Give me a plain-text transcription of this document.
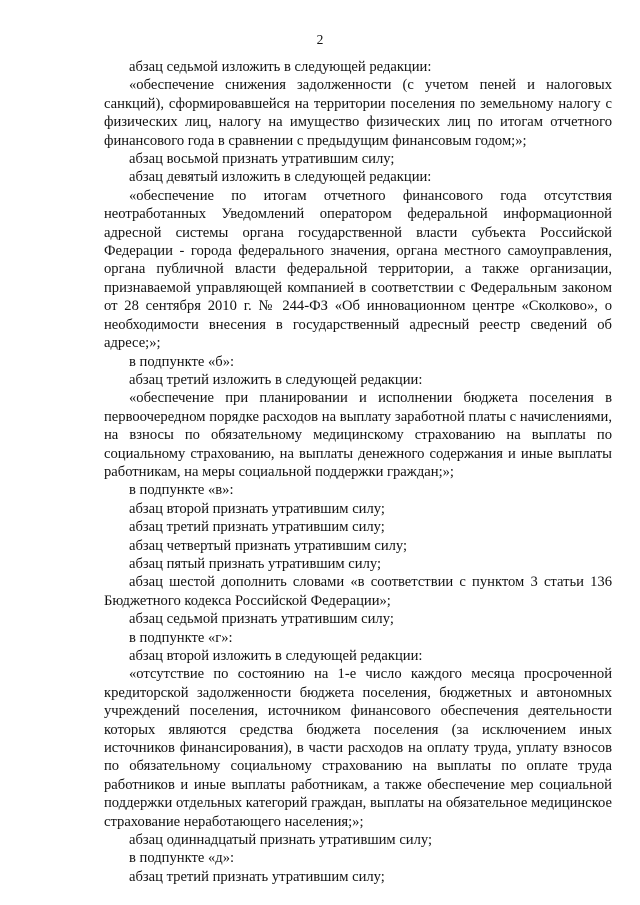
2

абзац седьмой изложить в следующей редакции:

«обеспечение снижения задолженности (с учетом пеней и налоговых санкций), сформировавшейся на территории поселения по земельному налогу с физических лиц, налогу на имущество физических лиц по итогам отчетного финансового года в сравнении с предыдущим финансовым годом;»;

абзац восьмой признать утратившим силу;

абзац девятый изложить в следующей редакции:

«обеспечение по итогам отчетного финансового года отсутствия неотработанных Уведомлений оператором федеральной информационной адресной системы органа государственной власти субъекта Российской Федерации - города федерального значения, органа местного самоуправления, органа публичной власти федеральной территории, а также организации, признаваемой управляющей компанией в соответствии с Федеральным законом от 28 сентября 2010 г. № 244-ФЗ «Об инновационном центре «Сколково», о необходимости внесения в государственный адресный реестр сведений об адресе;»;

в подпункте «б»:

абзац третий изложить в следующей редакции:

«обеспечение при планировании и исполнении бюджета поселения в первоочередном порядке расходов на выплату заработной платы с начислениями, на взносы по обязательному медицинскому страхованию на выплаты по социальному страхованию, на выплаты денежного содержания и иные выплаты работникам, на меры социальной поддержки граждан;»;

в подпункте «в»:

абзац второй признать утратившим силу;

абзац третий признать утратившим силу;

абзац четвертый признать утратившим силу;

абзац пятый признать утратившим силу;

абзац шестой дополнить словами «в соответствии с пунктом 3 статьи 136 Бюджетного кодекса Российской Федерации»;

абзац седьмой признать утратившим силу;

в подпункте «г»:

абзац второй изложить в следующей редакции:

«отсутствие по состоянию на 1-е число каждого месяца просроченной кредиторской задолженности бюджета поселения, бюджетных и автономных учреждений поселения, источником финансового обеспечения деятельности которых являются средства бюджета поселения (за исключением иных источников финансирования), в части расходов на оплату труда, уплату взносов по обязательному социальному страхованию на выплаты по оплате труда работников и иные выплаты работникам, а также обеспечение мер социальной поддержки отдельных категорий граждан, выплаты на обязательное медицинское страхование неработающего населения;»;

абзац одиннадцатый признать утратившим силу;

в подпункте «д»:

абзац третий признать утратившим силу;
